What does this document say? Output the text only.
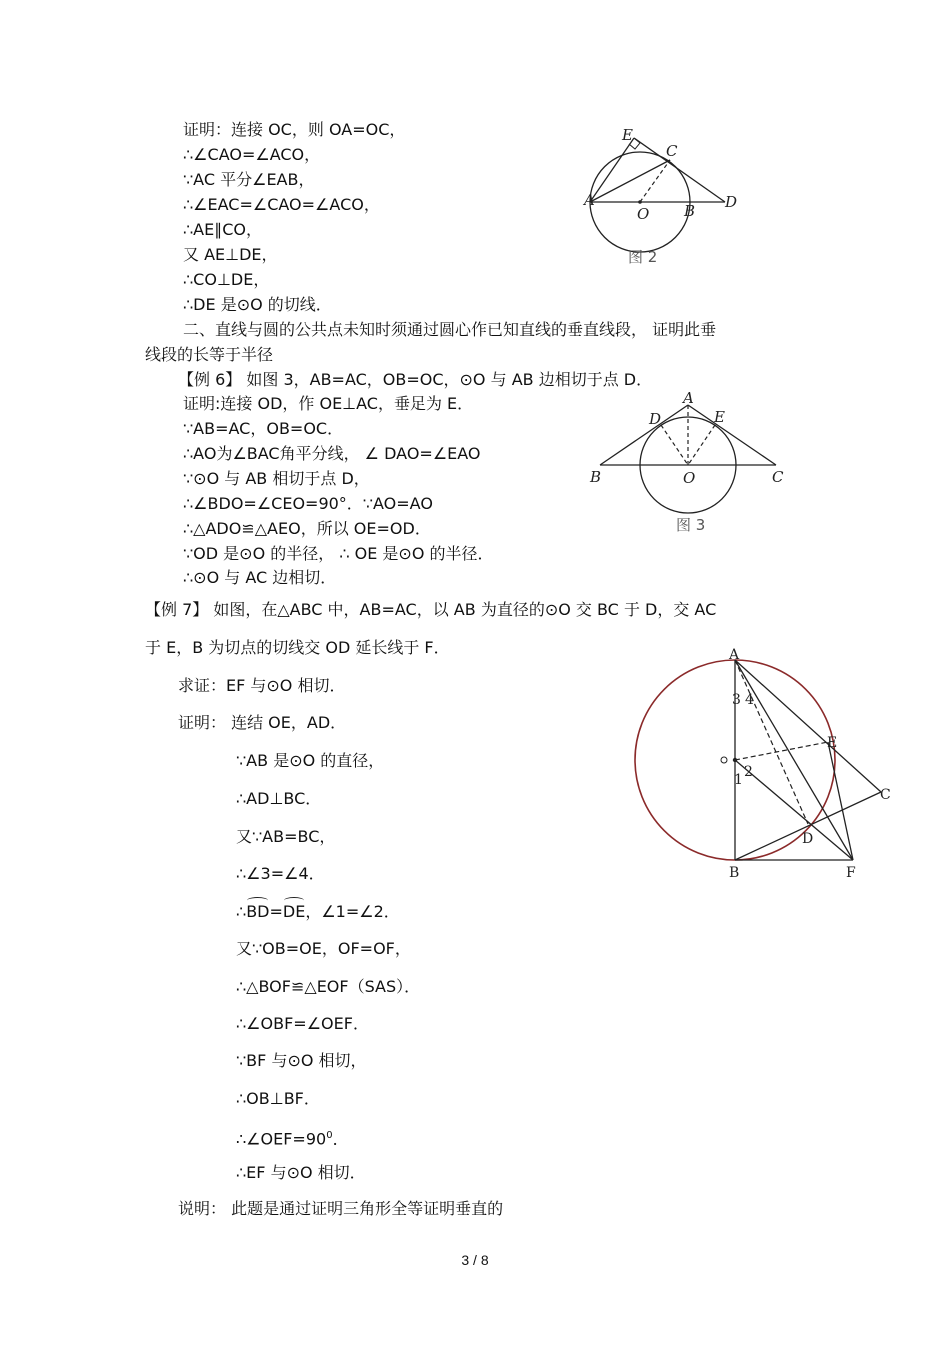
证明：连接 OC，则 OA=OC，
∴∠CAO=∠ACO，
∵AC 平分∠EAB，
∴∠EAC=∠CAO=∠ACO，
∴AE∥CO，
又 AE⊥DE，
∴CO⊥DE，
∴DE 是⊙O 的切线．
E
C
A
O B D
图 2
二、直线与圆的公共点未知时须通过圆心作已知直线的垂直线段， 证明此垂
线段的长等于半径
【例 6】 如图 3，AB=AC，OB=OC，⊙O 与 AB 边相切于点 D．
证明:连接 OD，作 OE⊥AC，垂足为 E．
∵AB=AC，OB=OC．
∴AO为∠BAC角平分线， ∠ DAO=∠EAO
∵⊙O 与 AB 相切于点 D，
∴∠BDO=∠CEO=90°．∵AO=AO
∴△ADO≌△AEO，所以 OE=OD．
∵OD 是⊙O 的半径， ∴ OE 是⊙O 的半径．
∴⊙O 与 AC 边相切．
A
D	E
B	O	C
图 3
【例 7】 如图，在△ABC 中，AB=AC，以 AB 为直径的⊙O 交 BC 于 D，交 AC
于 E，B 为切点的切线交 OD 延长线于 F．
求证：EF 与⊙O 相切．
证明： 连结 OE，AD．
∵AB 是⊙O 的直径，
∴AD⊥BC．
又∵AB=BC，
∴∠3=∠4．
∴BD=DE，∠1=∠2．
又∵OB=OE，OF=OF，
∴△BOF≌△EOF（SAS）．
∴∠OBF=∠OEF．
∵BF 与⊙O 相切，
∴OB⊥BF．
$\therefore\angle OEF=90^0$．
∴EF 与⊙O 相切．
说明： 此题是通过证明三角形全等证明垂直的
A
B
C
D
E
F
1 2
3 4
3 / 8
